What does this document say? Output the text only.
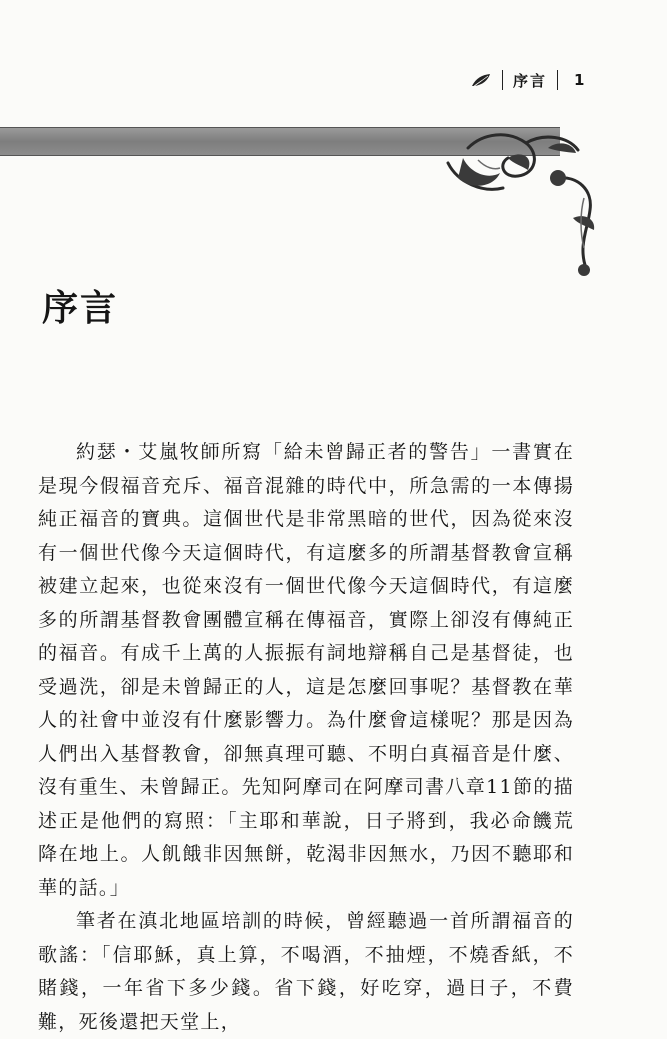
序言 1
序言

約瑟・艾嵐牧師所寫「給未曾歸正者的警告」一書實在是現今假福音充斥、福音混雜的時代中，所急需的一本傳揚純正福音的寶典。這個世代是非常黑暗的世代，因為從來沒有一個世代像今天這個時代，有這麼多的所謂基督教會宣稱被建立起來，也從來沒有一個世代像今天這個時代，有這麼多的所謂基督教會團體宣稱在傳福音，實際上卻沒有傳純正的福音。有成千上萬的人振振有詞地辯稱自己是基督徒，也受過洗，卻是未曾歸正的人，這是怎麼回事呢？基督教在華人的社會中並沒有什麼影響力。為什麼會這樣呢？那是因為人們出入基督教會，卻無真理可聽、不明白真福音是什麼、沒有重生、未曾歸正。先知阿摩司在阿摩司書八章11節的描述正是他們的寫照：「主耶和華說，日子將到，我必命饑荒降在地上。人飢餓非因無餅，乾渴非因無水，乃因不聽耶和華的話。」

筆者在滇北地區培訓的時候，曾經聽過一首所謂福音的歌謠：「信耶穌，真上算，不喝酒，不抽煙，不燒香紙，不賭錢，一年省下多少錢。省下錢，好吃穿，過日子，不費難，死後還把天堂上，
